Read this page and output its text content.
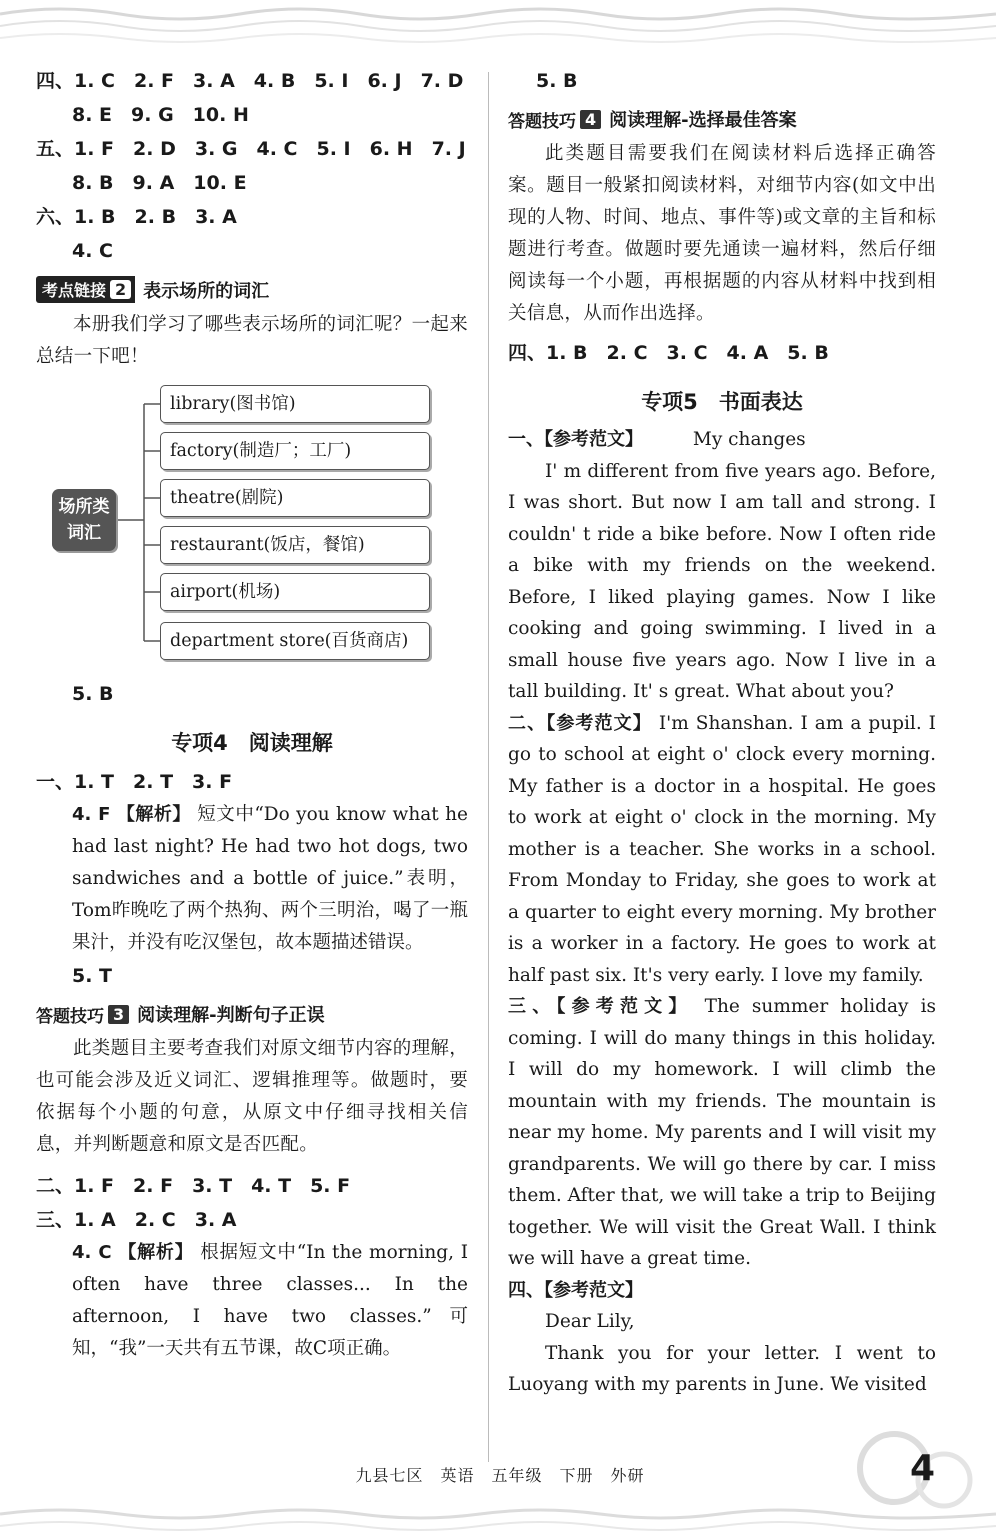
四、1. C　2. F　3. A　4. B　5. I　6. J　7. D
8. E　9. G　10. H
五、1. F　2. D　3. G　4. C　5. I　6. H　7. J
8. B　9. A　10. E
六、1. B　2. B　3. A
4. C
考点链接 2 表示场所的词汇

本册我们学习了哪些表示场所的词汇呢？一起来总结一下吧！

场所类
词汇
library(图书馆)
factory(制造厂；工厂)
theatre(剧院)
restaurant(饭店，餐馆)
airport(机场)
department store(百货商店)
5. B
专项4　阅读理解
一、1. T　2. T　3. F

4. F 【解析】 短文中“Do you know what he had last night? He had two hot dogs, two sandwiches and a bottle of juice.”表明，Tom昨晚吃了两个热狗、两个三明治，喝了一瓶果汁，并没有吃汉堡包，故本题描述错误。

5. T
答题技巧 3 阅读理解-判断句子正误

此类题目主要考查我们对原文细节内容的理解，也可能会涉及近义词汇、逻辑推理等。做题时，要依据每个小题的句意，从原文中仔细寻找相关信息，并判断题意和原文是否匹配。

二、1. F　2. F　3. T　4. T　5. F
三、1. A　2. C　3. A

4. C 【解析】 根据短文中“In the morning, I often have three classes... In the afternoon, I have two classes.”可知，“我”一天共有五节课，故C项正确。

5. B
答题技巧 4 阅读理解-选择最佳答案

此类题目需要我们在阅读材料后选择正确答案。题目一般紧扣阅读材料，对细节内容(如文中出现的人物、时间、地点、事件等)或文章的主旨和标题进行考查。做题时要先通读一遍材料，然后仔细阅读每一个小题，再根据题的内容从材料中找到相关信息，从而作出选择。

四、1. B　2. C　3. C　4. A　5. B
专项5　书面表达

一、【参考范文】	My changes
I' m different from five years ago. Before, I was short. But now I am tall and strong. I couldn' t ride a bike before. Now I often ride a bike with my friends on the weekend. Before, I liked playing games. Now I like cooking and going swimming. I lived in a small house five years ago. Now I live in a tall building. It' s great. What about you?

二、【参考范文】 I'm Shanshan. I am a pupil. I go to school at eight o' clock every morning. My father is a doctor in a hospital. He goes to work at eight o' clock in the morning. My mother is a teacher. She works in a school. From Monday to Friday, she goes to work at a quarter to eight every morning. My brother is a worker in a factory. He goes to work at half past six. It's very early. I love my family.

三、【参考范文】 The summer holiday is coming. I will do many things in this holiday. I will do my homework. I will climb the mountain with my friends. The mountain is near my home. My parents and I will visit my grandparents. We will go there by car. I miss them. After that, we will take a trip to Beijing together. We will visit the Great Wall. I think we will have a great time.

四、【参考范文】
Dear Lily,
Thank you for your letter. I went to Luoyang with my parents in June. We visited

九县七区　英语　五年级　下册　外研	4
